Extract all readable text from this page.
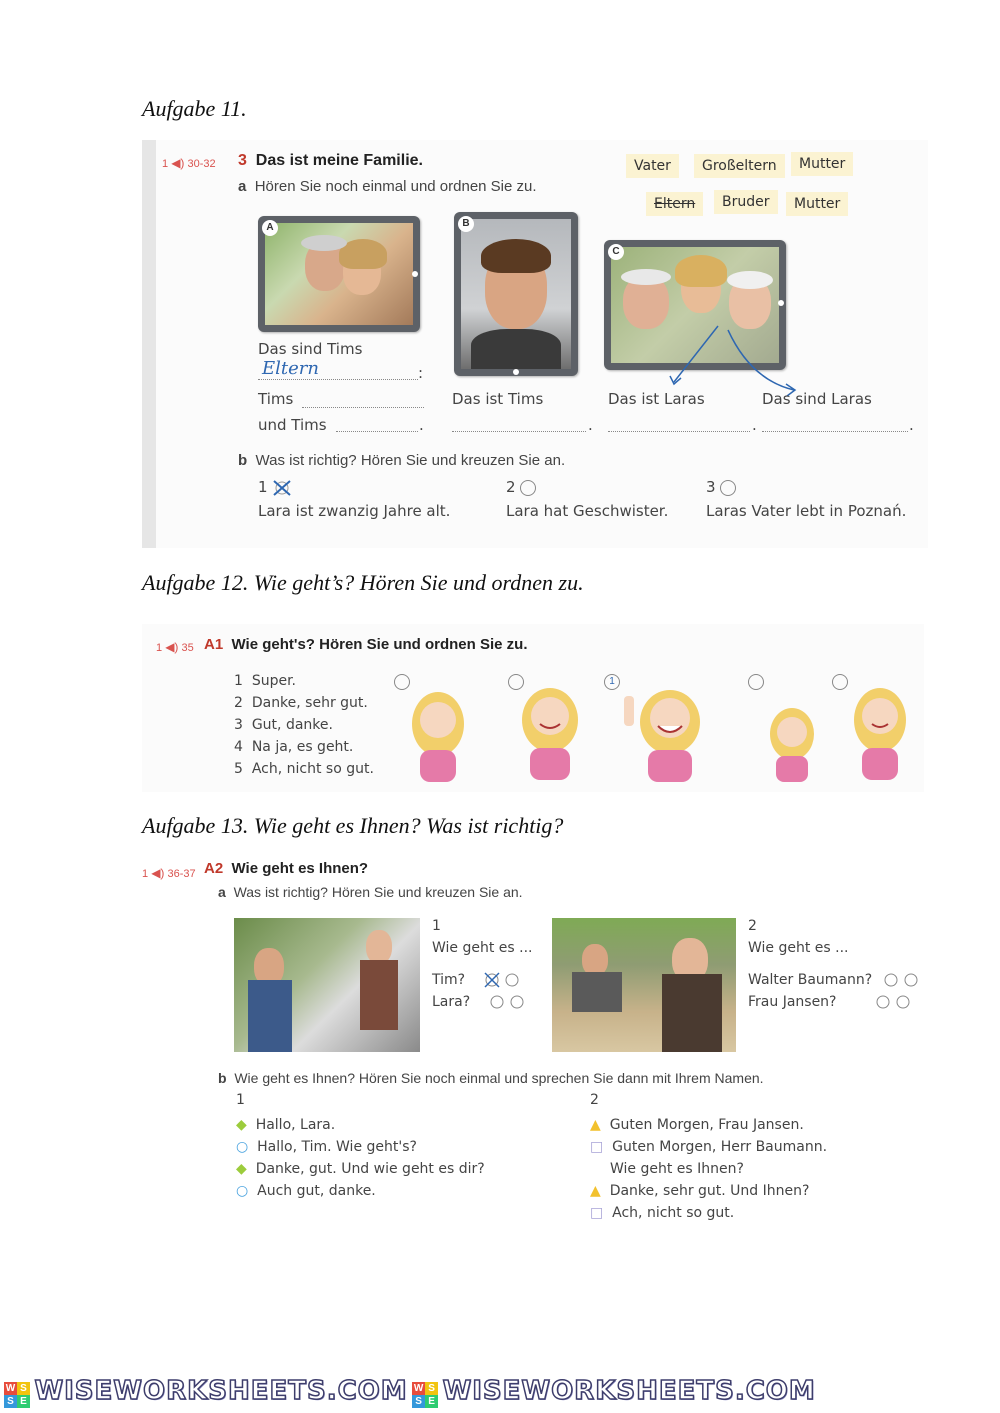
Aufgabe 11.
1 ◀) 30-32 3 Das ist meine Familie.
a Hören Sie noch einmal und ordnen Sie zu.
Vater	Großeltern	Mutter
Eltern	Bruder	Mutter
A	B
C
Das sind Tims
Eltern	:
Tims
und Tims	.
Das ist Tims
.
Das ist Laras
.
Das sind Laras
.
b Was ist richtig? Hören Sie und kreuzen Sie an.
1	2	3
Lara ist zwanzig Jahre alt.	Lara hat Geschwister.	Laras Vater lebt in Poznań.
Aufgabe 12. Wie geht’s? Hören Sie und ordnen zu.
1 ◀) 35 A1 Wie geht's? Hören Sie und ordnen Sie zu.
1 Super.
2 Danke, sehr gut.
3 Gut, danke.
4 Na ja, es geht.
5 Ach, nicht so gut.
1
Aufgabe 13. Wie geht es Ihnen? Was ist richtig?
1 ◀) 36-37 A2 Wie geht es Ihnen?
a Was ist richtig? Hören Sie und kreuzen Sie an.
1
Wie geht es ...
Tim?
Lara?
2
Wie geht es ...
Walter Baumann?
Frau Jansen?
b Wie geht es Ihnen? Hören Sie noch einmal und sprechen Sie dann mit Ihrem Namen.
1
◆ Hallo, Lara.
○ Hallo, Tim. Wie geht's?
◆ Danke, gut. Und wie geht es dir?
○ Auch gut, danke.
2
▲ Guten Morgen, Frau Jansen.
□ Guten Morgen, Herr Baumann.
Wie geht es Ihnen?
▲ Danke, sehr gut. Und Ihnen?
□ Ach, nicht so gut.
W S
S E WISEWORKSHEETS.COM W S
S E WISEWORKSHEETS.COM
